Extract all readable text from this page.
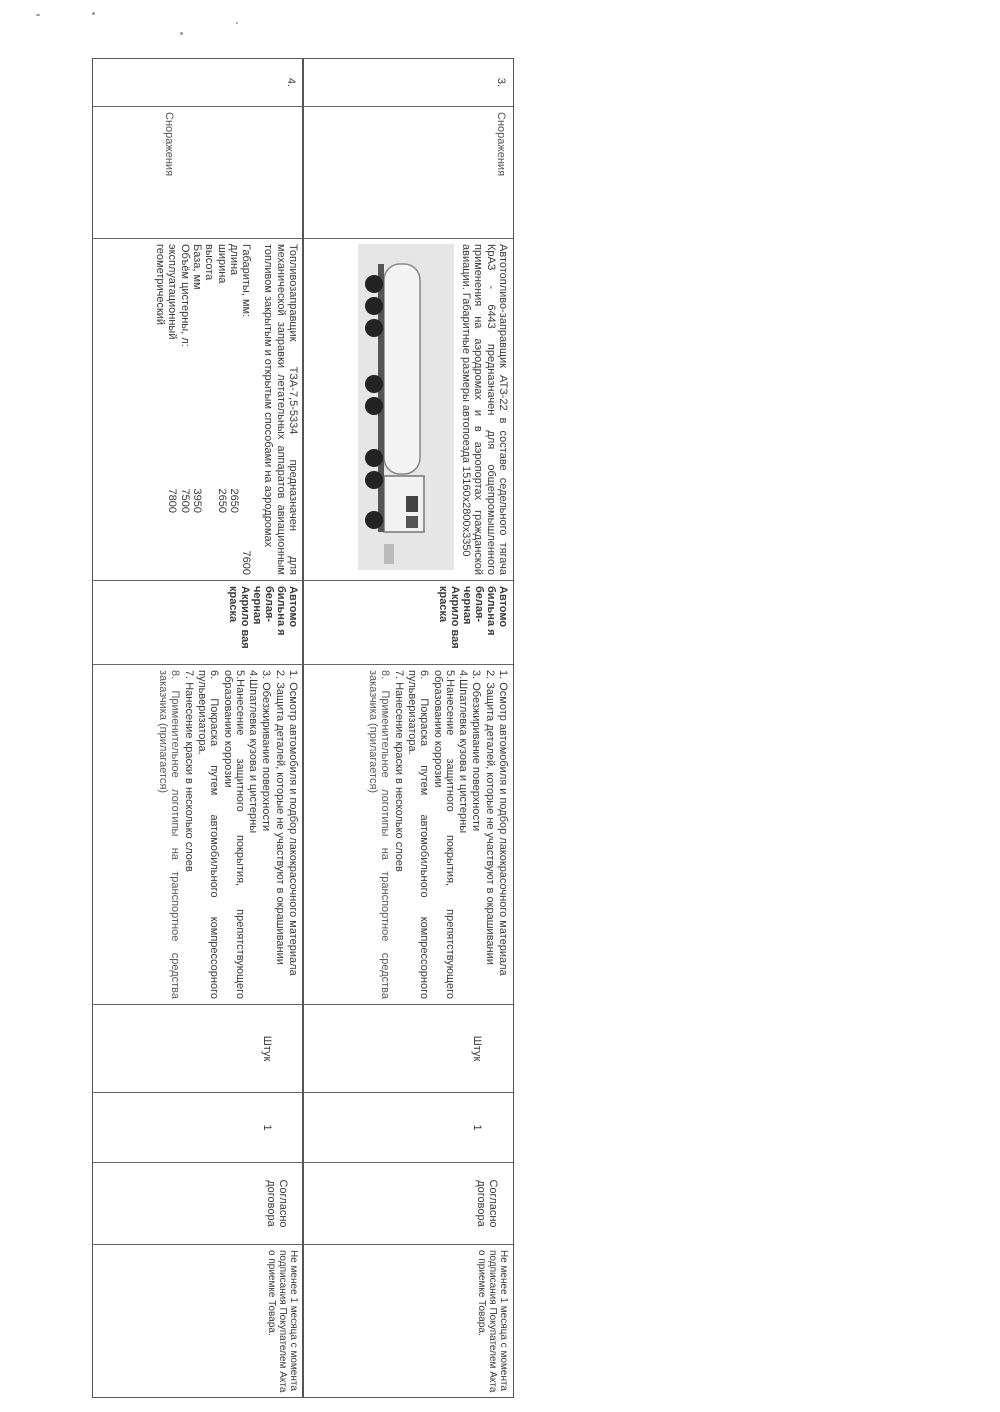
3.
Сноражения
Автотопливо-заправщик АТЗ-22 в составе седельного тягача КрАЗ - 6443 предназначен для общепромышленного применения на аэродромах и в аэропортах гражданской авиации. Габаритные размеры автопоезда 15160x2800x3350
Автомо бильна я белая-черная Акрило вая краска
1. Осмотр автомобиля и подбор лакокрасочного материала
2. Защита деталей, которые не участвуют в окрашивании
3. Обезжиривание поверхности
4.Шпатлевка кузова и цистерны
5.Нанесение защитного покрытия, препятствующего образованию коррозии
6. Покраска путем автомобильного компрессорного пульверизатора.
7. Нанесение краски в несколько слоев
8. Применительное логотипы на транспортное средства заказчика (прилагается)
Штук
1
Согласно договора
Не менее 1 месяца с момента подписания Покупателем Акта о приемке Товара.
4.
Сноражения
Топливозаправщик ТЗА-7,5-5334 предназначен для механической заправки летательных аппаратов авиационным топливом закрытым и открытым способами на аэродромах
Габариты, мм:
7600
длина
2650
ширина
2650
высота
База, мм
3950
Объём цистерны, л:
7500
эксплуатационный
7800
геометрический
Автомо бильна я белая-черная Акрило вая краска
1. Осмотр автомобиля и подбор лакокрасочного материала
2. Защита деталей, которые не участвуют в окрашивании
3. Обезжиривание поверхности
4.Шпатлевка кузова и цистерны
5.Нанесение защитного покрытия, препятствующего образованию коррозии
6. Покраска путем автомобильного компрессорного пульверизатора.
7. Нанесение краски в несколько слоев
8. Применительное логотипы на транспортное средства заказчика (прилагается)
Штук
1
Согласно договора
Не менее 1 месяца с момента подписания Покупателем Акта о приемке Товара.
